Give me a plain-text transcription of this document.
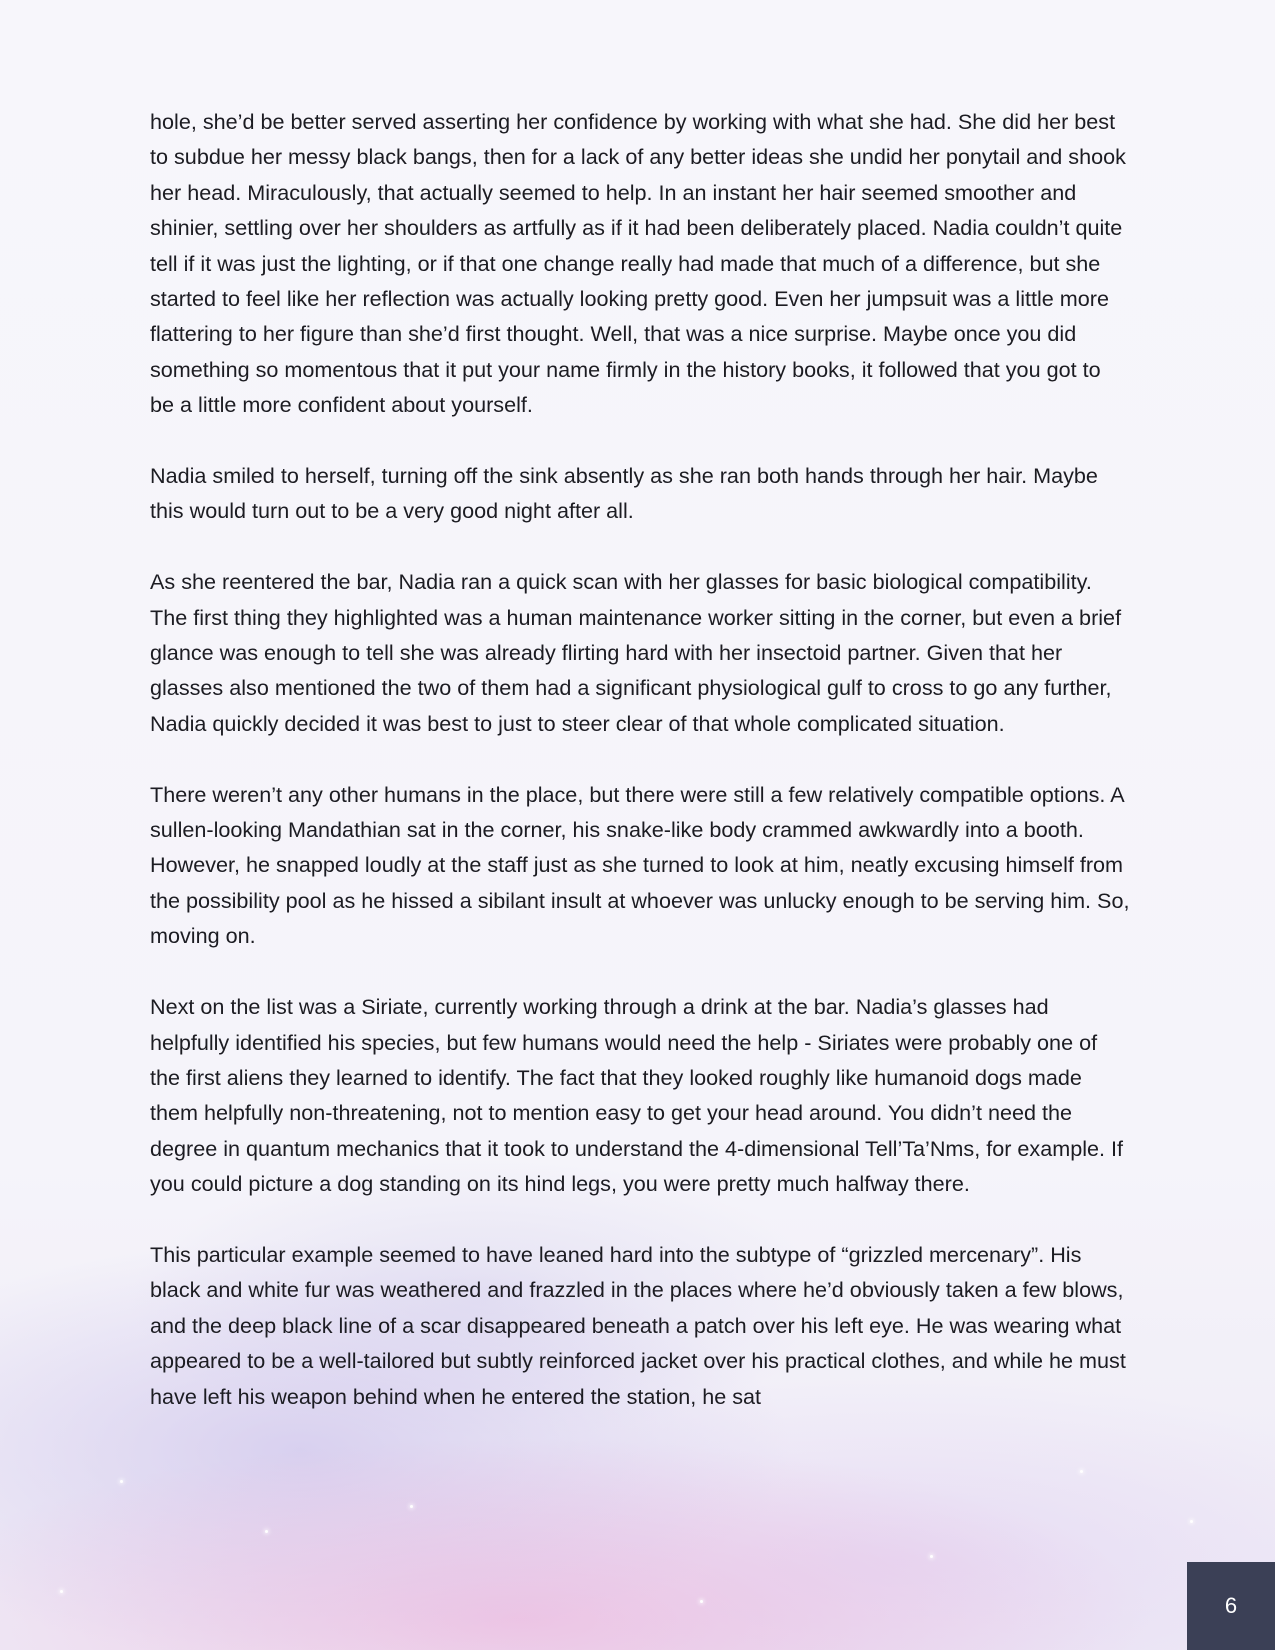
hole, she’d be better served asserting her confidence by working with what she had. She did her best to subdue her messy black bangs, then for a lack of any better ideas she undid her ponytail and shook her head. Miraculously, that actually seemed to help. In an instant her hair seemed smoother and shinier, settling over her shoulders as artfully as if it had been deliberately placed. Nadia couldn’t quite tell if it was just the lighting, or if that one change really had made that much of a difference, but she started to feel like her reflection was actually looking pretty good. Even her jumpsuit was a little more flattering to her figure than she’d first thought. Well, that was a nice surprise. Maybe once you did something so momentous that it put your name firmly in the history books, it followed that you got to be a little more confident about yourself.

Nadia smiled to herself, turning off the sink absently as she ran both hands through her hair. Maybe this would turn out to be a very good night after all.

As she reentered the bar, Nadia ran a quick scan with her glasses for basic biological compatibility. The first thing they highlighted was a human maintenance worker sitting in the corner, but even a brief glance was enough to tell she was already flirting hard with her insectoid partner. Given that her glasses also mentioned the two of them had a significant physiological gulf to cross to go any further, Nadia quickly decided it was best to just to steer clear of that whole complicated situation.

There weren’t any other humans in the place, but there were still a few relatively compatible options. A sullen-looking Mandathian sat in the corner, his snake-like body crammed awkwardly into a booth. However, he snapped loudly at the staff just as she turned to look at him, neatly excusing himself from the possibility pool as he hissed a sibilant insult at whoever was unlucky enough to be serving him. So, moving on.

Next on the list was a Siriate, currently working through a drink at the bar. Nadia’s glasses had helpfully identified his species, but few humans would need the help - Siriates were probably one of the first aliens they learned to identify. The fact that they looked roughly like humanoid dogs made them helpfully non-threatening, not to mention easy to get your head around. You didn’t need the degree in quantum mechanics that it took to understand the 4-dimensional Tell’Ta’Nms, for example. If you could picture a dog standing on its hind legs, you were pretty much halfway there.

This particular example seemed to have leaned hard into the subtype of “grizzled mercenary”. His black and white fur was weathered and frazzled in the places where he’d obviously taken a few blows, and the deep black line of a scar disappeared beneath a patch over his left eye. He was wearing what appeared to be a well-tailored but subtly reinforced jacket over his practical clothes, and while he must have left his weapon behind when he entered the station, he sat

6
